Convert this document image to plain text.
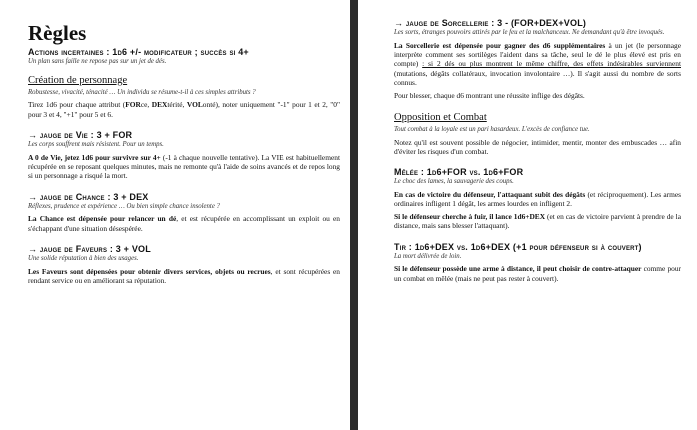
Règles
Actions incertaines : 1d6 +/- modificateur ; succès si 4+
Un plan sans faille ne repose pas sur un jet de dés.
Création de personnage
Robustesse, vivacité, ténacité … Un individu se résume-t-il à ces simples attributs ?
Tirez 1d6 pour chaque attribut (FORce, DEXtérité, VOLonté), noter uniquement "-1" pour 1 et 2, "0" pour 3 et 4, "+1" pour 5 et 6.
→ jauge de Vie : 3 + FOR
Les corps souffrent mais résistent. Pour un temps.
A 0 de Vie, jetez 1d6 pour survivre sur 4+ (-1 à chaque nouvelle tentative). La VIE est habituellement récupérée en se reposant quelques minutes, mais ne remonte qu'à l'aide de soins avancés et de repos long si un personnage a risqué la mort.
→ jauge de Chance : 3 + DEX
Réflexes, prudence et expérience … Ou bien simple chance insolente ?
La Chance est dépensée pour relancer un dé, et est récupérée en accomplissant un exploit ou en s'échappant d'une situation désespérée.
→ jauge de Faveurs : 3 + VOL
Une solide réputation à bien des usages.
Les Faveurs sont dépensées pour obtenir divers services, objets ou recrues, et sont récupérées en rendant service ou en améliorant sa réputation.
→ jauge de Sorcellerie : 3 - (FOR+DEX+VOL)
Les sorts, étranges pouvoirs attirés par le feu et la malchanceux. Ne demandant qu'à être invoqués.
La Sorcellerie est dépensée pour gagner des d6 supplémentaires à un jet (le personnage interprète comment ses sortilèges l'aident dans sa tâche, seul le dé le plus élevé est pris en compte) : si 2 dés ou plus montrent le même chiffre, des effets indésirables surviennent (mutations, dégâts collatéraux, invocation involontaire …). Il s'agit aussi du nombre de sorts connus.
Pour blesser, chaque d6 montrant une réussite inflige des dégâts.
Opposition et Combat
Tout combat à la loyale est un pari hasardeux. L'excès de confiance tue.
Notez qu'il est souvent possible de négocier, intimider, mentir, monter des embuscades … afin d'éviter les risques d'un combat.
Mêlée : 1d6+FOR vs. 1d6+FOR
Le choc des lames, la sauvagerie des coups.
En cas de victoire du défenseur, l'attaquant subit des dégâts (et réciproquement). Les armes ordinaires infligent 1 dégât, les armes lourdes en infligent 2.
Si le défenseur cherche à fuir, il lance 1d6+DEX (et en cas de victoire parvient à prendre de la distance, mais sans blesser l'attaquant).
Tir : 1d6+DEX vs. 1d6+DEX (+1 pour défenseur si à couvert)
La mort délivrée de loin.
Si le défenseur possède une arme à distance, il peut choisir de contre-attaquer comme pour un combat en mêlée (mais ne peut pas rester à couvert).
